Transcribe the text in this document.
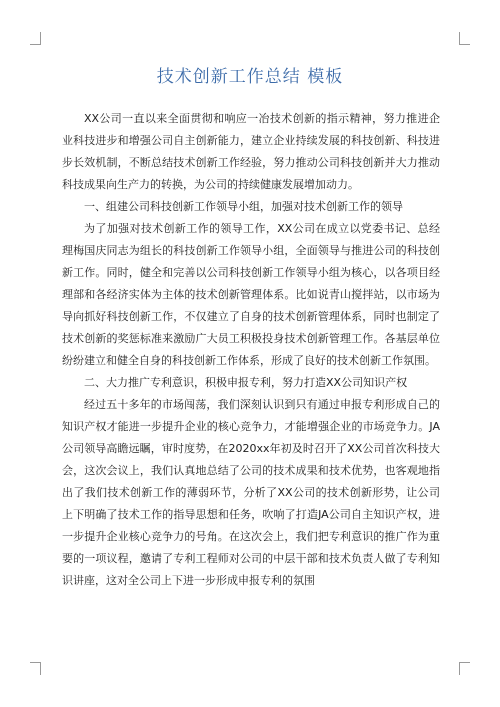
技术创新工作总结 模板

XX公司一直以来全面贯彻和响应一冶技术创新的指示精神，努力推进企业科技进步和增强公司自主创新能力，建立企业持续发展的科技创新、科技进步长效机制，不断总结技术创新工作经验，努力推动公司科技创新并大力推动科技成果向生产力的转换，为公司的持续健康发展增加动力。

一、组建公司科技创新工作领导小组，加强对技术创新工作的领导

为了加强对技术创新工作的领导工作，XX公司在成立以党委书记、总经理梅国庆同志为组长的科技创新工作领导小组，全面领导与推进公司的科技创新工作。同时，健全和完善以公司科技创新工作领导小组为核心，以各项目经理部和各经济实体为主体的技术创新管理体系。比如说青山搅拌站，以市场为导向抓好科技创新工作，不仅建立了自身的技术创新管理体系，同时也制定了技术创新的奖惩标准来激励广大员工积极投身技术创新管理工作。各基层单位纷纷建立和健全自身的科技创新工作体系，形成了良好的技术创新工作氛围。

二、大力推广专利意识，积极申报专利，努力打造XX公司知识产权

经过五十多年的市场闯荡，我们深刻认识到只有通过申报专利形成自己的知识产权才能进一步提升企业的核心竞争力，才能增强企业的市场竞争力。JA公司领导高瞻远瞩，审时度势，在2020xx年初及时召开了XX公司首次科技大会，这次会议上，我们认真地总结了公司的技术成果和技术优势，也客观地指出了我们技术创新工作的薄弱环节，分析了XX公司的技术创新形势，让公司上下明确了技术工作的指导思想和任务，吹响了打造JA公司自主知识产权，进一步提升企业核心竞争力的号角。在这次会上，我们把专利意识的推广作为重要的一项议程，邀请了专利工程师对公司的中层干部和技术负责人做了专利知识讲座，这对全公司上下进一步形成申报专利的氛围
